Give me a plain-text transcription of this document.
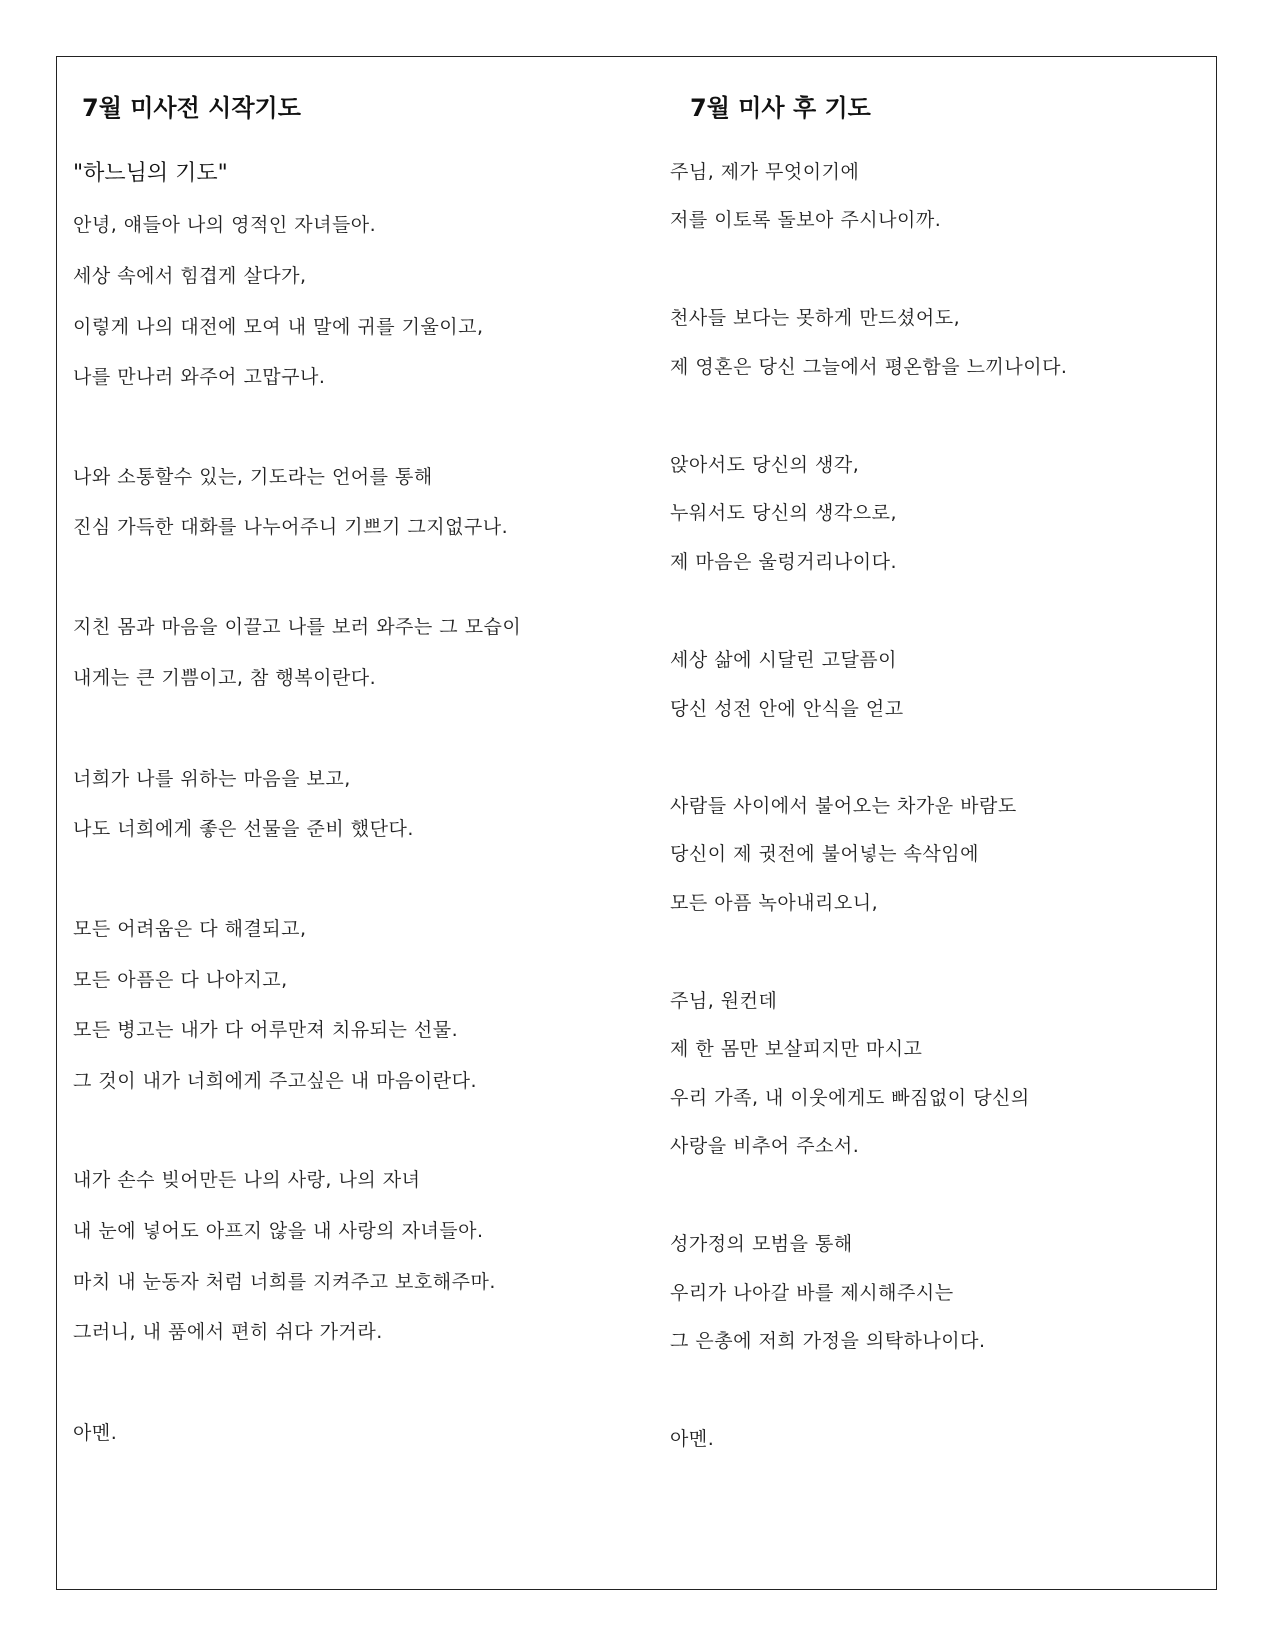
7월 미사전 시작기도
"하느님의 기도"
안녕, 얘들아 나의 영적인 자녀들아.
세상 속에서 힘겹게 살다가,
이렇게 나의 대전에 모여 내 말에 귀를 기울이고,
나를 만나러 와주어 고맙구나.
나와 소통할수 있는, 기도라는 언어를 통해
진심 가득한 대화를 나누어주니 기쁘기 그지없구나.
지친 몸과 마음을 이끌고 나를 보러 와주는 그 모습이
내게는 큰 기쁨이고, 참 행복이란다.
너희가 나를 위하는 마음을 보고,
나도 너희에게 좋은 선물을 준비 했단다.
모든 어려움은 다 해결되고,
모든 아픔은 다 나아지고,
모든 병고는 내가 다 어루만져 치유되는 선물.
그 것이 내가 너희에게 주고싶은 내 마음이란다.
내가 손수 빚어만든 나의 사랑, 나의 자녀
내 눈에 넣어도 아프지 않을 내 사랑의 자녀들아.
마치 내 눈동자 처럼 너희를 지켜주고 보호해주마.
그러니, 내 품에서 편히 쉬다 가거라.
아멘.
7월 미사 후 기도
주님, 제가 무엇이기에
저를 이토록 돌보아 주시나이까.
천사들 보다는 못하게 만드셨어도,
제 영혼은 당신 그늘에서 평온함을 느끼나이다.
앉아서도 당신의 생각,
누워서도 당신의 생각으로,
제 마음은 울렁거리나이다.
세상 삶에 시달린 고달픔이
당신 성전 안에 안식을 얻고
사람들 사이에서 불어오는 차가운 바람도
당신이 제 귓전에 불어넣는 속삭임에
모든 아픔 녹아내리오니,
주님, 원컨데
제 한 몸만 보살피지만 마시고
우리 가족, 내 이웃에게도 빠짐없이 당신의
사랑을 비추어 주소서.
성가정의 모범을 통해
우리가 나아갈 바를 제시해주시는
그 은총에 저희 가정을 의탁하나이다.
아멘.
